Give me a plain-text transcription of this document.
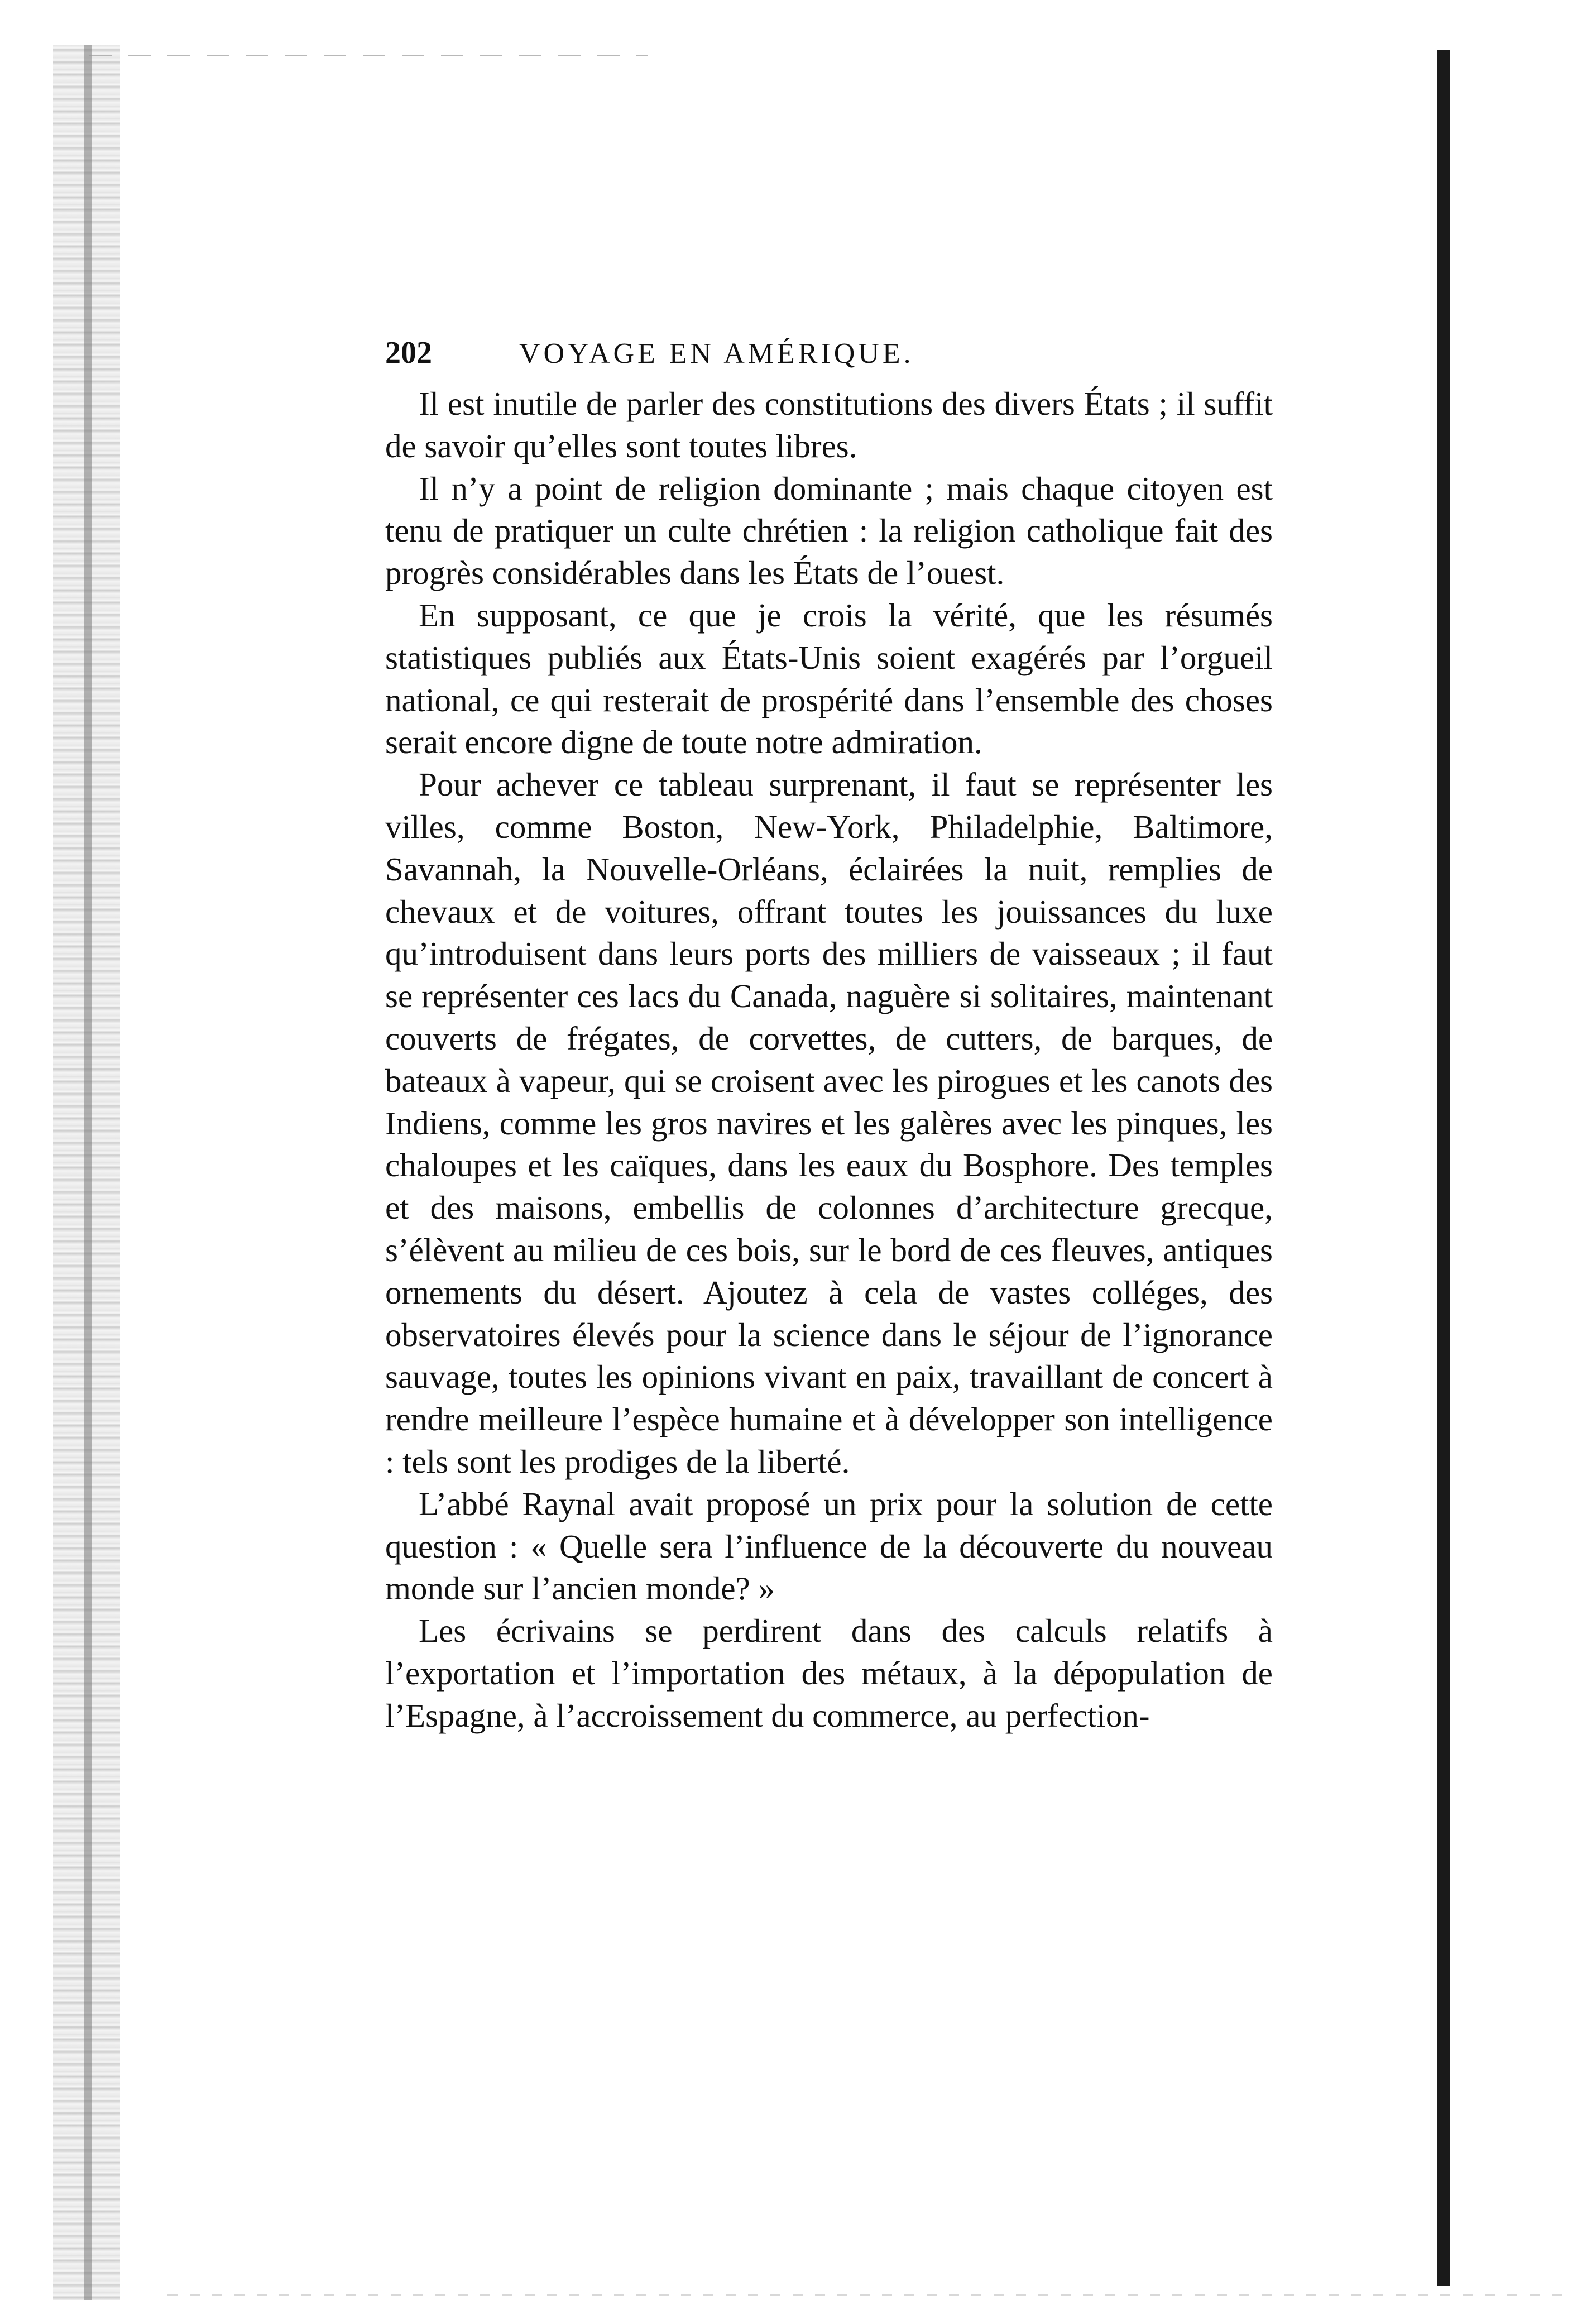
202	VOYAGE EN AMÉRIQUE.

Il est inutile de parler des constitutions des divers États ; il suffit de savoir qu’elles sont toutes libres.

Il n’y a point de religion dominante ; mais chaque citoyen est tenu de pratiquer un culte chrétien : la religion catholique fait des progrès considérables dans les États de l’ouest.

En supposant, ce que je crois la vérité, que les résumés statistiques publiés aux États-Unis soient exagérés par l’orgueil national, ce qui resterait de prospérité dans l’ensemble des choses serait encore digne de toute notre admiration.

Pour achever ce tableau surprenant, il faut se représenter les villes, comme Boston, New-York, Philadelphie, Baltimore, Savannah, la Nouvelle-Orléans, éclairées la nuit, remplies de chevaux et de voitures, offrant toutes les jouissances du luxe qu’introduisent dans leurs ports des milliers de vaisseaux ; il faut se représenter ces lacs du Canada, naguère si solitaires, maintenant couverts de frégates, de corvettes, de cutters, de barques, de bateaux à vapeur, qui se croisent avec les pirogues et les canots des Indiens, comme les gros navires et les galères avec les pinques, les chaloupes et les caïques, dans les eaux du Bosphore. Des temples et des maisons, embellis de colonnes d’architecture grecque, s’élèvent au milieu de ces bois, sur le bord de ces fleuves, antiques ornements du désert. Ajoutez à cela de vastes colléges, des observatoires élevés pour la science dans le séjour de l’ignorance sauvage, toutes les opinions vivant en paix, travaillant de concert à rendre meilleure l’espèce humaine et à développer son intelligence : tels sont les prodiges de la liberté.

L’abbé Raynal avait proposé un prix pour la solution de cette question : « Quelle sera l’influence de la découverte du nouveau monde sur l’ancien monde? »

Les écrivains se perdirent dans des calculs relatifs à l’exportation et l’importation des métaux, à la dépopulation de l’Espagne, à l’accroissement du commerce, au perfection-
